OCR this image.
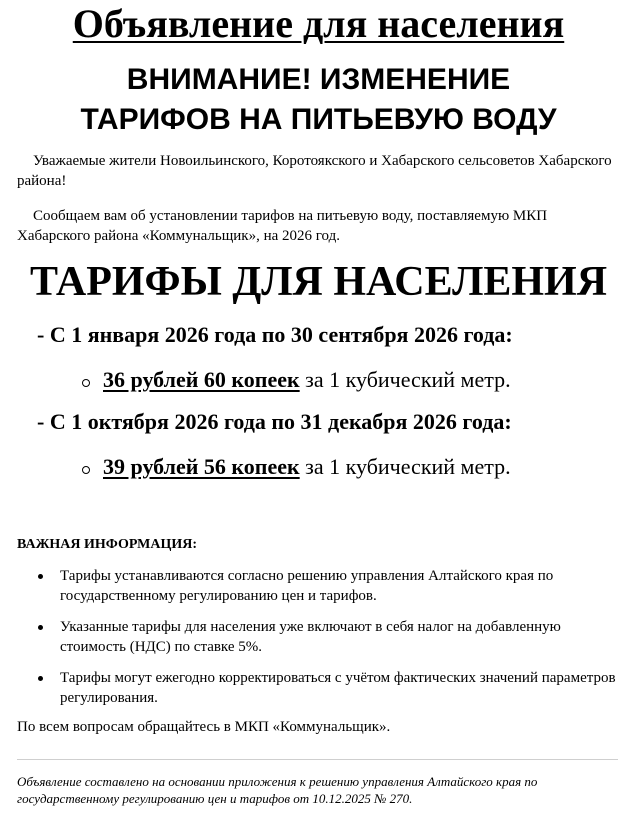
Объявление для населения
ВНИМАНИЕ! ИЗМЕНЕНИЕ
ТАРИФОВ НА ПИТЬЕВУЮ ВОДУ

Уважаемые жители Новоильинского, Коротоякского и Хабарского сельсоветов Хабарского района!

Сообщаем вам об установлении тарифов на питьевую воду, поставляемую МКП Хабарского района «Коммунальщик», на 2026 год.

ТАРИФЫ ДЛЯ НАСЕЛЕНИЯ

- С 1 января 2026 года по 30 сентября 2026 года:

36 рублей 60 копеек за 1 кубический метр.

- С 1 октября 2026 года по 31 декабря 2026 года:

39 рублей 56 копеек за 1 кубический метр.

ВАЖНАЯ ИНФОРМАЦИЯ:

Тарифы устанавливаются согласно решению управления Алтайского края по государственному регулированию цен и тарифов.
Указанные тарифы для населения уже включают в себя налог на добавленную стоимость (НДС) по ставке 5%.
Тарифы могут ежегодно корректироваться с учётом фактических значений параметров регулирования.

По всем вопросам обращайтесь в МКП «Коммунальщик».

Объявление составлено на основании приложения к решению управления Алтайского края по государственному регулированию цен и тарифов от 10.12.2025 № 270.
